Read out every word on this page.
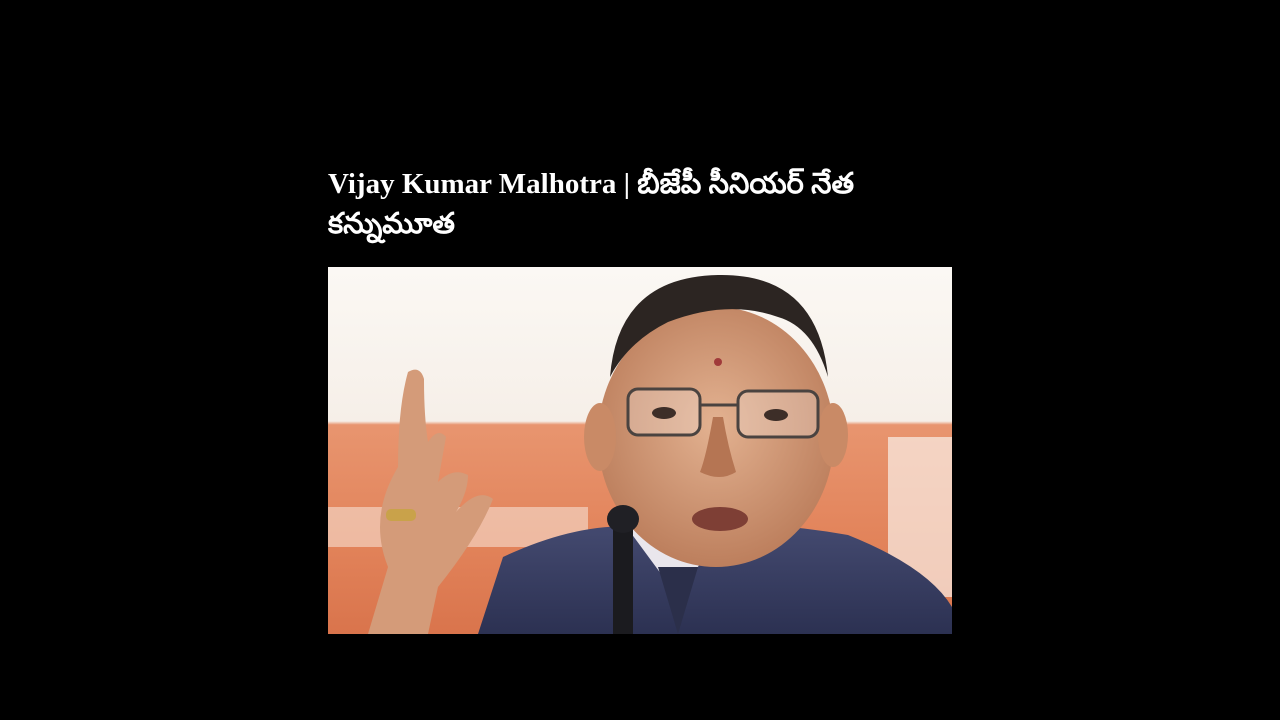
Vijay Kumar Malhotra | బీజేపీ సీనియర్ నేత కన్నుమూత
